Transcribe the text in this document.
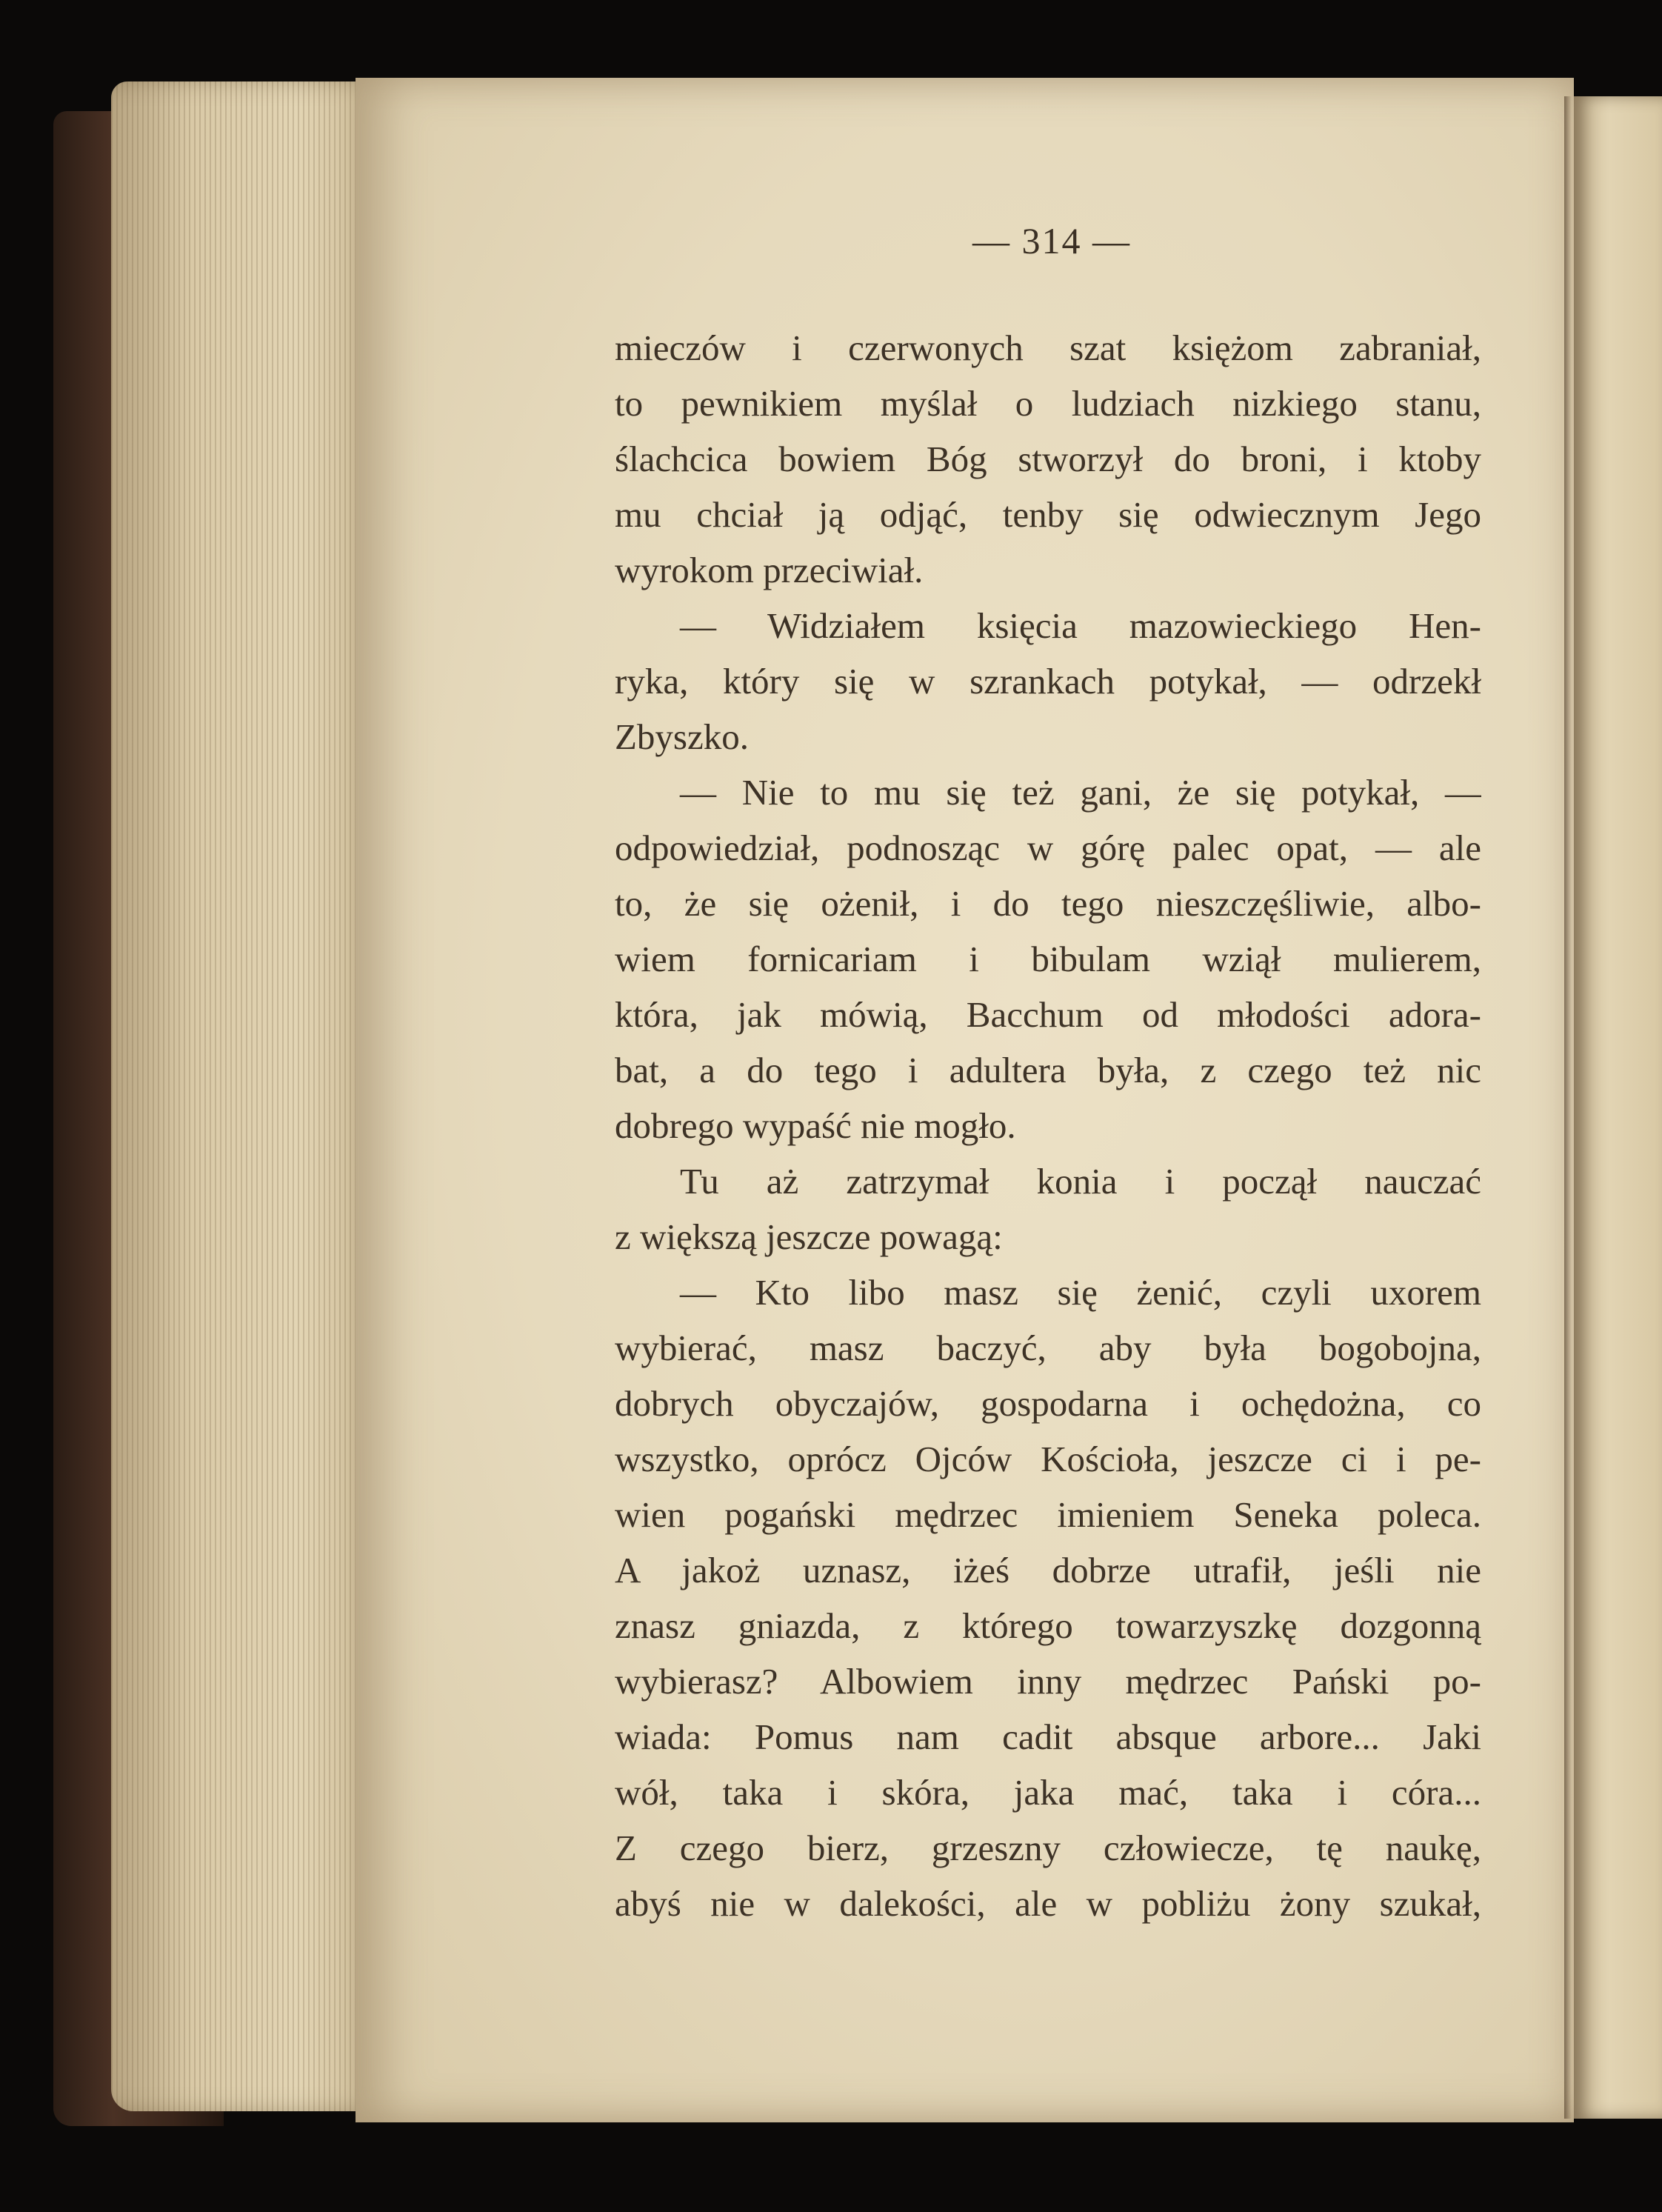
— 314 —

mieczów i czerwonych szat księżom zabraniał,
to pewnikiem myślał o ludziach nizkiego stanu,
ślachcica bowiem Bóg stworzył do broni, i ktoby
mu chciał ją odjąć, tenby się odwiecznym Jego
wyrokom przeciwiał.
— Widziałem księcia mazowieckiego Hen-
ryka, który się w szrankach potykał, — odrzekł
Zbyszko.
— Nie to mu się też gani, że się potykał, —
odpowiedział, podnosząc w górę palec opat, — ale
to, że się ożenił, i do tego nieszczęśliwie, albo-
wiem fornicariam i bibulam wziął mulierem,
która, jak mówią, Bacchum od młodości adora-
bat, a do tego i adultera była, z czego też nic
dobrego wypaść nie mogło.
Tu aż zatrzymał konia i począł nauczać
z większą jeszcze powagą:
— Kto libo masz się żenić, czyli uxorem
wybierać, masz baczyć, aby była bogobojna,
dobrych obyczajów, gospodarna i ochędożna, co
wszystko, oprócz Ojców Kościoła, jeszcze ci i pe-
wien pogański mędrzec imieniem Seneka poleca.
A jakoż uznasz, iżeś dobrze utrafił, jeśli nie
znasz gniazda, z którego towarzyszkę dozgonną
wybierasz? Albowiem inny mędrzec Pański po-
wiada: Pomus nam cadit absque arbore... Jaki
wół, taka i skóra, jaka mać, taka i córa...
Z czego bierz, grzeszny człowiecze, tę naukę,
abyś nie w dalekości, ale w pobliżu żony szukał,
